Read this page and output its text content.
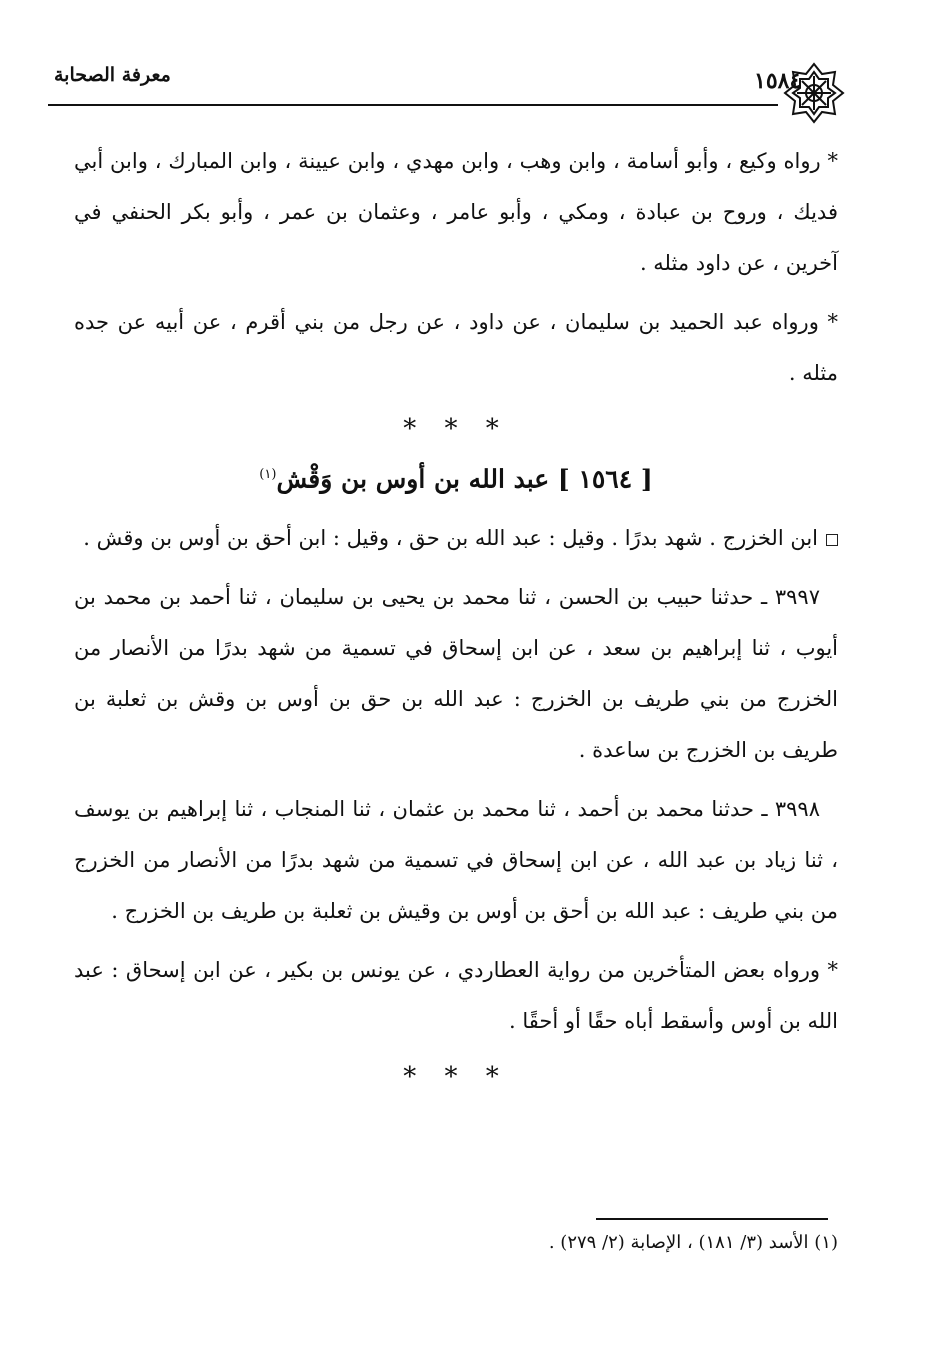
معرفة الصحابة	١٥٨٤

* رواه وكيع ، وأبو أسامة ، وابن وهب ، وابن مهدي ، وابن عيينة ، وابن المبارك ، وابن أبي فديك ، وروح بن عبادة ، ومكي ، وأبو عامر ، وعثمان بن عمر ، وأبو بكر الحنفي في آخرين ، عن داود مثله .

* ورواه عبد الحميد بن سليمان ، عن داود ، عن رجل من بني أقرم ، عن أبيه عن جده مثله .

* * *
[ ١٥٦٤ ] عبد الله بن أوس بن وَقْش$^{(١)}$

ابن الخزرج . شهد بدرًا . وقيل : عبد الله بن حق ، وقيل : ابن أحق بن أوس بن وقش .

٣٩٩٧ ـ حدثنا حبيب بن الحسن ، ثنا محمد بن يحيى بن سليمان ، ثنا أحمد بن محمد بن أيوب ، ثنا إبراهيم بن سعد ، عن ابن إسحاق في تسمية من شهد بدرًا من الأنصار من الخزرج من بني طريف بن الخزرج : عبد الله بن حق بن أوس بن وقش بن ثعلبة بن طريف بن الخزرج بن ساعدة .

٣٩٩٨ ـ حدثنا محمد بن أحمد ، ثنا محمد بن عثمان ، ثنا المنجاب ، ثنا إبراهيم بن يوسف ، ثنا زياد بن عبد الله ، عن ابن إسحاق في تسمية من شهد بدرًا من الأنصار من الخزرج من بني طريف : عبد الله بن أحق بن أوس بن وقيش بن ثعلبة بن طريف بن الخزرج .

* ورواه بعض المتأخرين من رواية العطاردي ، عن يونس بن بكير ، عن ابن إسحاق : عبد الله بن أوس وأسقط أباه حقًا أو أحقًا .

* * *
(١) الأسد (٣/ ١٨١) ، الإصابة (٢/ ٢٧٩) .
